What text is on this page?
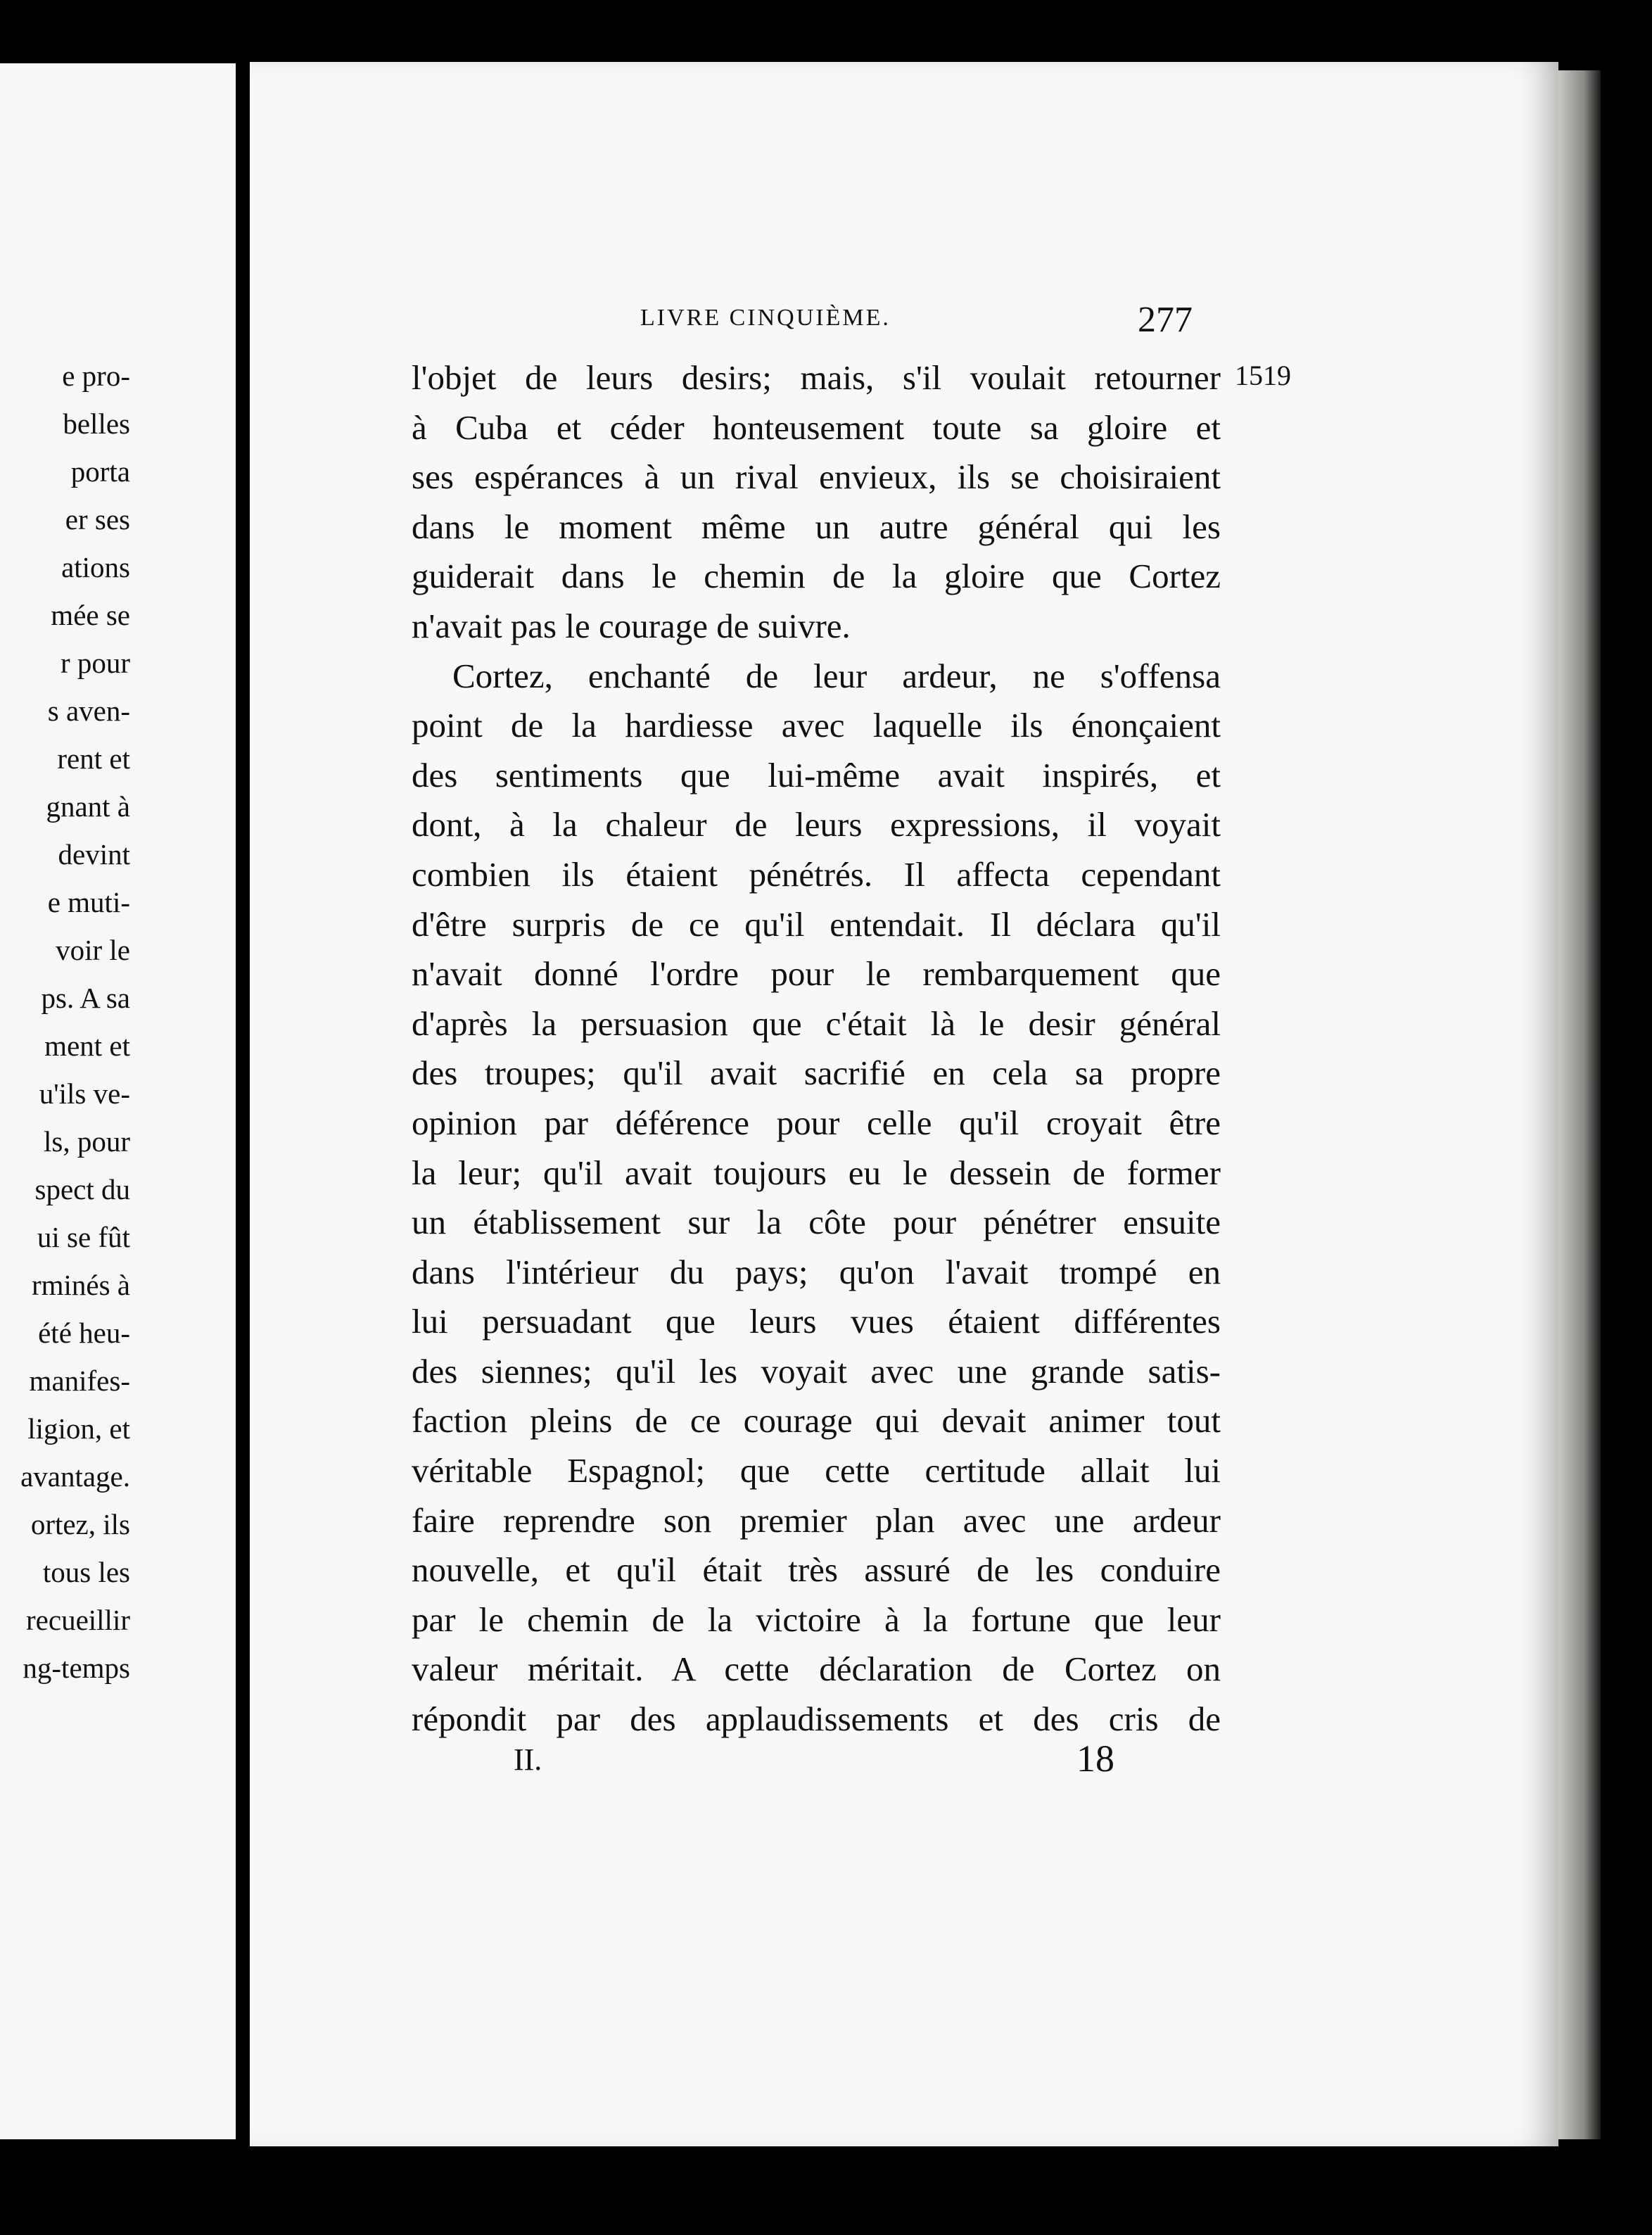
e pro-
belles
porta
er ses
ations
mée se
r pour
s aven-
rent et
gnant à
devint
e muti-
voir le
ps. A sa
ment et
u'ils ve-
ls, pour
spect du
ui se fût
rminés à
été heu-
manifes-
ligion, et
avantage.
ortez, ils
tous les
recueillir
ng-temps
LIVRE CINQUIÈME.	277
1519
l'objet de leurs desirs; mais, s'il voulait retourner
à Cuba et céder honteusement toute sa gloire et
ses espérances à un rival envieux, ils se choisiraient
dans le moment même un autre général qui les
guiderait dans le chemin de la gloire que Cortez
n'avait pas le courage de suivre.
Cortez, enchanté de leur ardeur, ne s'offensa
point de la hardiesse avec laquelle ils énonçaient
des sentiments que lui-même avait inspirés, et
dont, à la chaleur de leurs expressions, il voyait
combien ils étaient pénétrés. Il affecta cependant
d'être surpris de ce qu'il entendait. Il déclara qu'il
n'avait donné l'ordre pour le rembarquement que
d'après la persuasion que c'était là le desir général
des troupes; qu'il avait sacrifié en cela sa propre
opinion par déférence pour celle qu'il croyait être
la leur; qu'il avait toujours eu le dessein de former
un établissement sur la côte pour pénétrer ensuite
dans l'intérieur du pays; qu'on l'avait trompé en
lui persuadant que leurs vues étaient différentes
des siennes; qu'il les voyait avec une grande satis-
faction pleins de ce courage qui devait animer tout
véritable Espagnol; que cette certitude allait lui
faire reprendre son premier plan avec une ardeur
nouvelle, et qu'il était très assuré de les conduire
par le chemin de la victoire à la fortune que leur
valeur méritait. A cette déclaration de Cortez on
répondit par des applaudissements et des cris de
II.	18
